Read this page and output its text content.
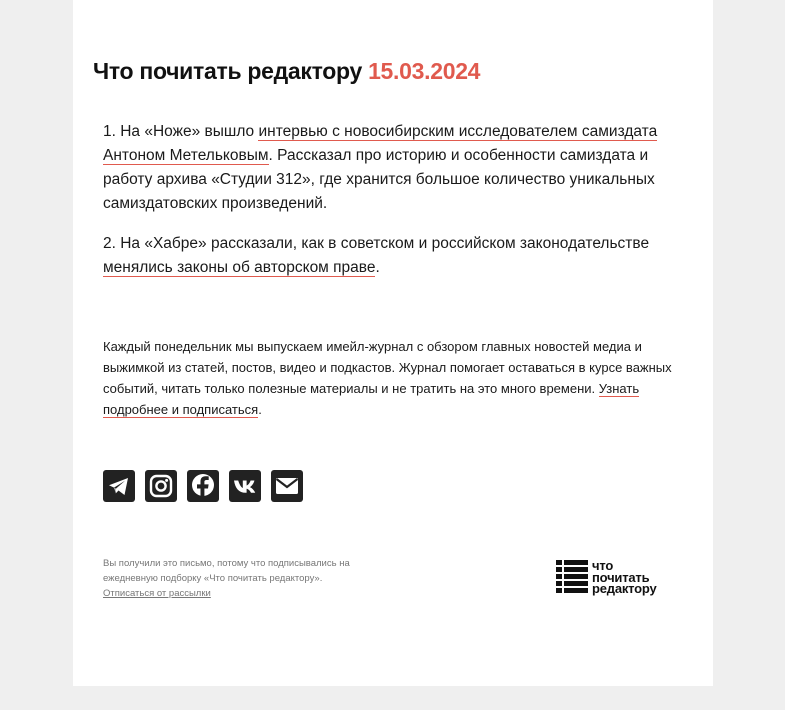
Что почитать редактору 15.03.2024

1. На «Ноже» вышло интервью с новосибирским исследователем самиздата Антоном Метельковым. Рассказал про историю и особенности самиздата и работу архива «Студии 312», где хранится большое количество уникальных самиздатовских произведений.

2. На «Хабре» рассказали, как в советском и российском законодательстве менялись законы об авторском праве.

Каждый понедельник мы выпускаем имейл-журнал с обзором главных новостей медиа и выжимкой из статей, постов, видео и подкастов. Журнал помогает оставаться в курсе важных событий, читать только полезные материалы и не тратить на это много времени. Узнать подробнее и подписаться.
Вы получили это письмо, потому что подписывались на ежедневную подборку «Что почитать редактору».
Отписаться от рассылки
что
почитать
редактору
